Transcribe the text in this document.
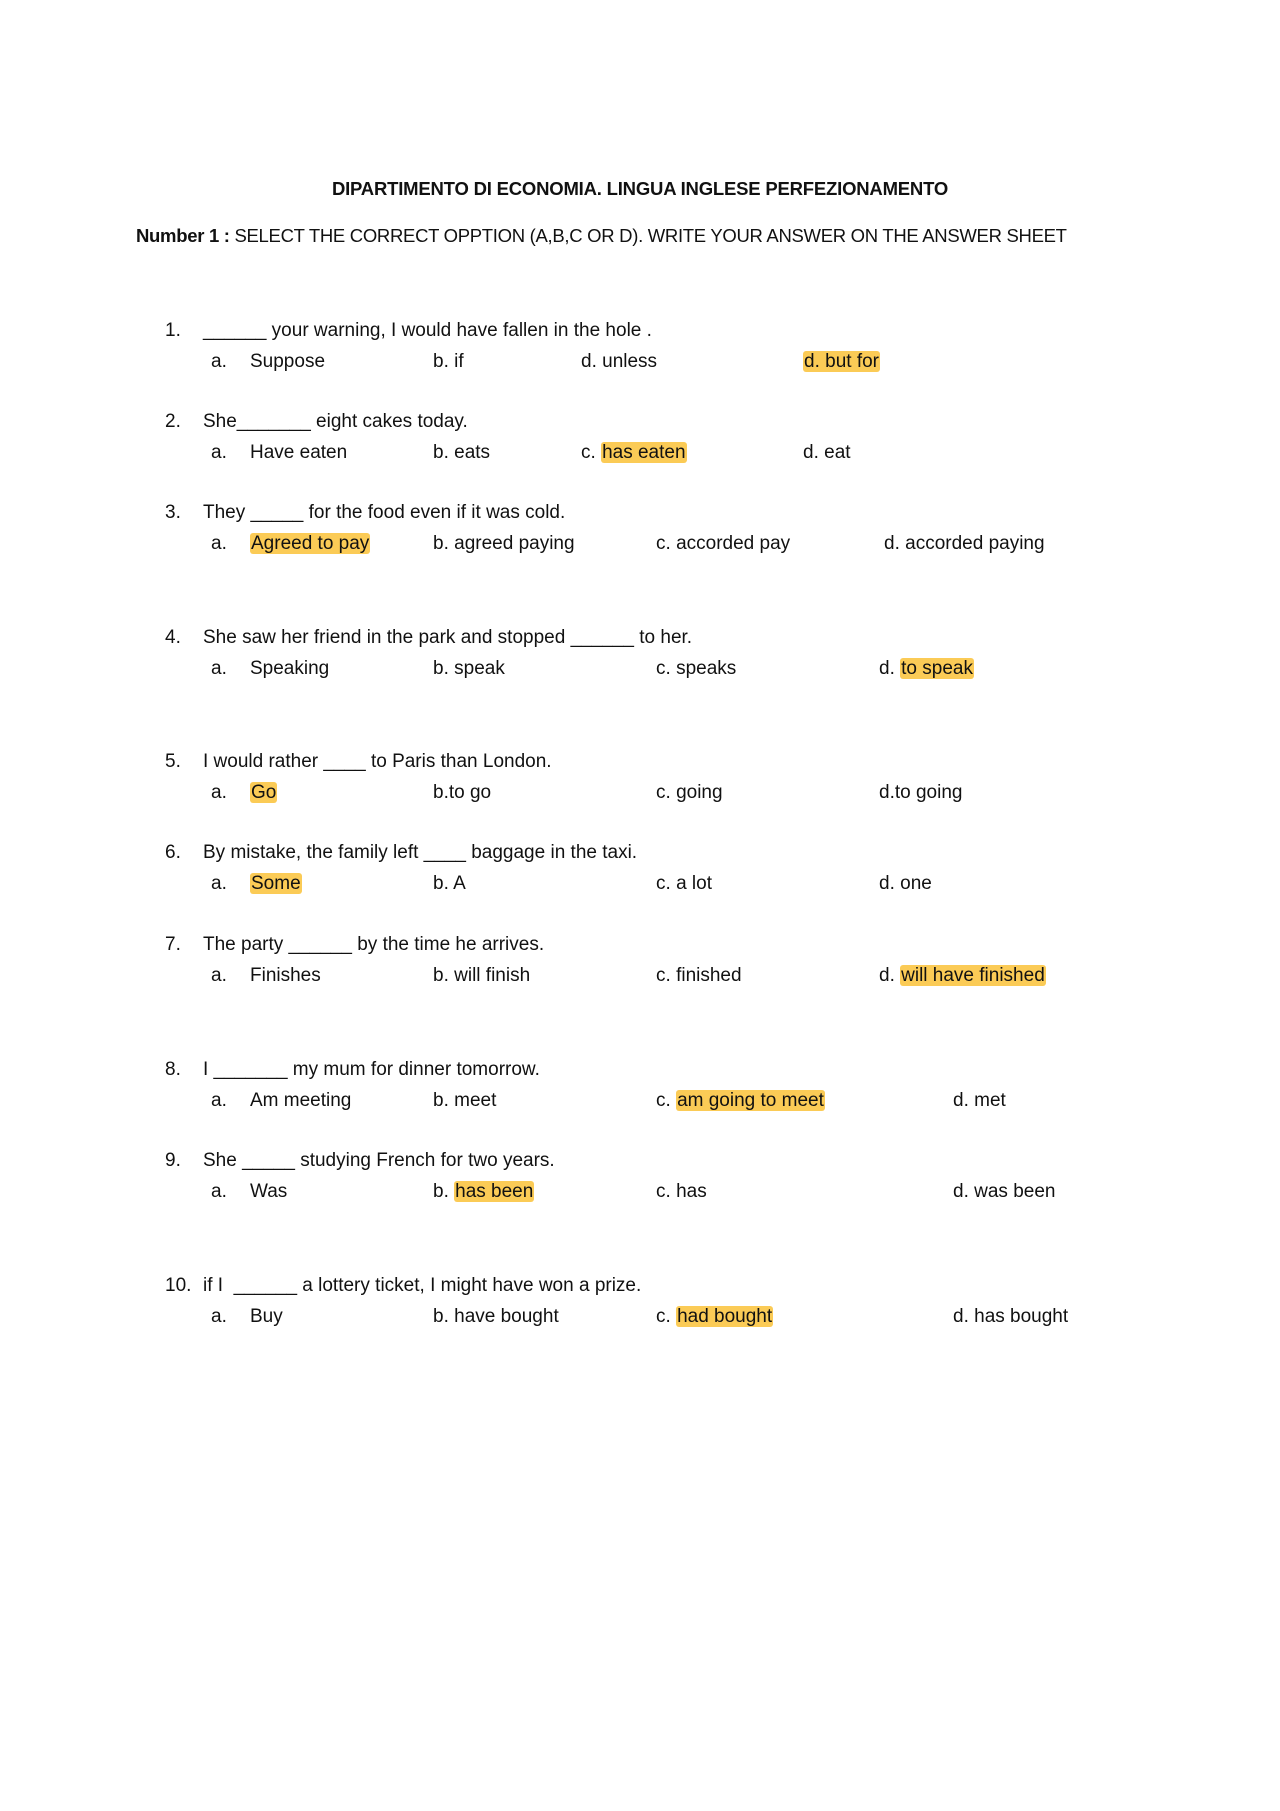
DIPARTIMENTO DI ECONOMIA. LINGUA INGLESE PERFEZIONAMENTO
Number 1 : SELECT THE CORRECT OPPTION (A,B,C OR D). WRITE YOUR ANSWER ON THE ANSWER SHEET
1. ______ your warning, I would have fallen in the hole .
a. Suppose	b. if	d. unless	d. but for
2. She_______ eight cakes today.
a. Have eaten	b. eats	c. has eaten	d. eat
3. They _____ for the food even if it was cold.
a. Agreed to pay	b. agreed paying	c. accorded pay	d. accorded paying
4. She saw her friend in the park and stopped ______ to her.
a. Speaking	b. speak	c. speaks	d. to speak
5. I would rather ____ to Paris than London.
a. Go	b.to go	c. going	d.to going
6. By mistake, the family left ____ baggage in the taxi.
a. Some	b. A	c. a lot	d. one
7. The party ______ by the time he arrives.
a. Finishes	b. will finish	c. finished	d. will have finished
8. I _______ my mum for dinner tomorrow.
a. Am meeting	b. meet	c. am going to meet	d. met
9. She _____ studying French for two years.
a. Was	b. has been	c. has	d. was been
10. if I  ______ a lottery ticket, I might have won a prize.
a. Buy	b. have bought	c. had bought	d. has bought
